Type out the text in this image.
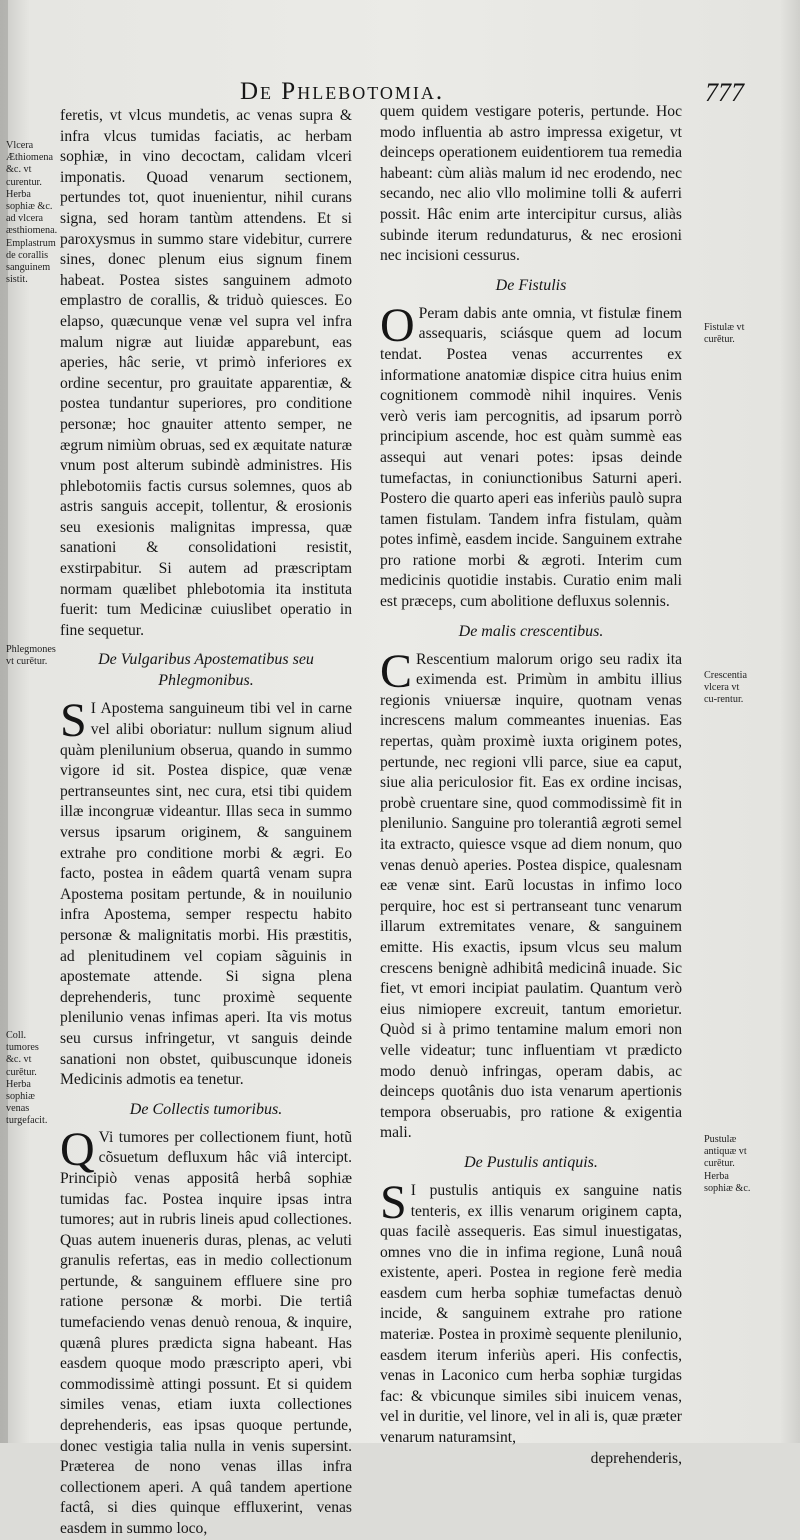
De Phlebotomia.	777
Vlcera Æthiomena &c. vt curentur. Herba sophiæ &c. ad vlcera æsthiomena. Emplastrum de corallis sanguinem sistit.
Phlegmones vt curētur.
Coll. tumores &c. vt curētur. Herba sophiæ venas turgefacit.
Fistulæ vt curētur.
Crescentia vlcera vt cu-rentur.
Pustulæ antiquæ vt curētur. Herba sophiæ &c.

feretis, vt vlcus mundetis, ac venas supra & infra vlcus tumidas faciatis, ac herbam sophiæ, in vino decoctam, calidam vlceri imponatis. Quoad venarum sectionem, pertundes tot, quot inuenientur, nihil curans signa, sed horam tantùm attendens. Et si paroxysmus in summo stare videbitur, currere sines, donec plenum eius signum finem habeat. Postea sistes sanguinem admoto emplastro de corallis, & triduò quiesces. Eo elapso, quæcunque venæ vel supra vel infra malum nigræ aut liuidæ apparebunt, eas aperies, hâc serie, vt primò inferiores ex ordine secentur, pro grauitate apparentiæ, & postea tundantur superiores, pro conditione personæ; hoc gnauiter attento semper, ne ægrum nimiùm obruas, sed ex æquitate naturæ vnum post alterum subindè administres. His phlebotomiis factis cursus solemnes, quos ab astris sanguis accepit, tollentur, & erosionis seu exesionis malignitas impressa, quæ sanationi & consolidationi resistit, exstirpabitur. Si autem ad præscriptam normam quælibet phlebotomia ita instituta fuerit: tum Medicinæ cuiuslibet operatio in fine sequetur.

De Vulgaribus Apostematibus seu Phlegmonibus.

S I Apostema sanguineum tibi vel in carne vel alibi oboriatur: nullum signum aliud quàm plenilunium obserua, quando in summo vigore id sit. Postea dispice, quæ venæ pertranseuntes sint, nec cura, etsi tibi quidem illæ incongruæ videantur. Illas seca in summo versus ipsarum originem, & sanguinem extrahe pro conditione morbi & ægri. Eo facto, postea in eâdem quartâ venam supra Apostema positam pertunde, & in nouilunio infra Apostema, semper respectu habito personæ & malignitatis morbi. His præstitis, ad plenitudinem vel copiam sãguinis in apostemate attende. Si signa plena deprehenderis, tunc proximè sequente plenilunio venas infimas aperi. Ita vis motus seu cursus infringetur, vt sanguis deinde sanationi non obstet, quibuscunque idoneis Medicinis admotis ea tenetur.

De Collectis tumoribus.

Q Vi tumores per collectionem fiunt, hotũ cõsuetum defluxum hâc viâ intercipt. Principiò venas appositâ herbâ sophiæ tumidas fac. Postea inquire ipsas intra tumores; aut in rubris lineis apud collectiones. Quas autem inueneris duras, plenas, ac veluti granulis refertas, eas in medio collectionum pertunde, & sanguinem effluere sine pro ratione personæ & morbi. Die tertiâ tumefaciendo venas denuò renoua, & inquire, quænâ plures prædicta signa habeant. Has easdem quoque modo præscripto aperi, vbi commodissimè attingi possunt. Et si quidem similes venas, etiam iuxta collectiones deprehenderis, eas ipsas quoque pertunde, donec vestigia talia nulla in venis supersint. Præterea de nono venas illas infra collectionem aperi. A quâ tandem apertione factâ, si dies quinque effluxerint, venas easdem in summo loco,

quem quidem vestigare poteris, pertunde. Hoc modo influentia ab astro impressa exigetur, vt deinceps operationem euidentiorem tua remedia habeant: cùm aliàs malum id nec erodendo, nec secando, nec alio vllo molimine tolli & auferri possit. Hâc enim arte intercipitur cursus, aliàs subinde iterum redundaturus, & nec erosioni nec incisioni cessurus.

De Fistulis

O Peram dabis ante omnia, vt fistulæ finem assequaris, sciásque quem ad locum tendat. Postea venas accurrentes ex informatione anatomiæ dispice citra huius enim cognitionem commodè nihil inquires. Venis verò veris iam percognitis, ad ipsarum porrò principium ascende, hoc est quàm summè eas assequi aut venari potes: ipsas deinde tumefactas, in coniunctionibus Saturni aperi. Postero die quarto aperi eas inferiùs paulò supra tamen fistulam. Tandem infra fistulam, quàm potes infimè, easdem incide. Sanguinem extrahe pro ratione morbi & ægroti. Interim cum medicinis quotidie instabis. Curatio enim mali est præceps, cum abolitione defluxus solennis.

De malis crescentibus.

C Rescentium malorum origo seu radix ita eximenda est. Primùm in ambitu illius regionis vniuersæ inquire, quotnam venas increscens malum commeantes inuenias. Eas repertas, quàm proximè iuxta originem potes, pertunde, nec regioni vlli parce, siue ea caput, siue alia periculosior fit. Eas ex ordine incisas, probè cruentare sine, quod commodissimè fit in plenilunio. Sanguine pro tolerantiâ ægroti semel ita extracto, quiesce vsque ad diem nonum, quo venas denuò aperies. Postea dispice, qualesnam eæ venæ sint. Earũ locustas in infimo loco perquire, hoc est si pertranseant tunc venarum illarum extremitates venare, & sanguinem emitte. His exactis, ipsum vlcus seu malum crescens benignè adhibitâ medicinâ inuade. Sic fiet, vt emori incipiat paulatim. Quantum verò eius nimiopere excreuit, tantum emorietur. Quòd si à primo tentamine malum emori non velle videatur; tunc influentiam vt prædicto modo denuò infringas, operam dabis, ac deinceps quotânis duo ista venarum apertionis tempora obseruabis, pro ratione & exigentia mali.

De Pustulis antiquis.

S I pustulis antiquis ex sanguine natis tenteris, ex illis venarum originem capta, quas facilè assequeris. Eas simul inuestigatas, omnes vno die in infima regione, Lunâ nouâ existente, aperi. Postea in regione ferè media easdem cum herba sophiæ tumefactas denuò incide, & sanguinem extrahe pro ratione materiæ. Postea in proximè sequente plenilunio, easdem iterum inferiùs aperi. His confectis, venas in Laconico cum herba sophiæ turgidas fac: & vbicunque similes sibi inuicem venas, vel in duritie, vel linore, vel in ali is, quæ præter venarum naturamsint,

deprehenderis,
